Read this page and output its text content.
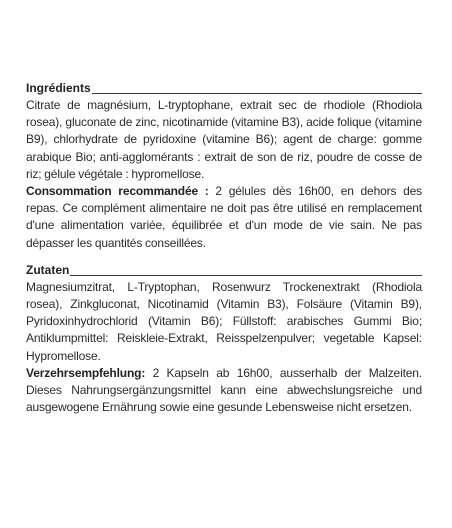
Ingrédients

Citrate de magnésium, L-tryptophane, extrait sec de rhodiole (Rhodiola rosea), gluconate de zinc, nicotinamide (vitamine B3), acide folique (vitamine B9), chlorhydrate de pyridoxine (vitamine B6); agent de charge: gomme arabique Bio; anti-agglomérants : extrait de son de riz, poudre de cosse de riz; gélule végétale : hypromellose.

Consommation recommandée : 2 gélules dès 16h00, en dehors des repas. Ce complément alimentaire ne doit pas être utilisé en remplacement d'une alimentation variée, équilibrée et d'un mode de vie sain. Ne pas dépasser les quantités conseillées.

Zutaten

Magnesiumzitrat, L-Tryptophan, Rosenwurz Trockenextrakt (Rhodiola rosea), Zinkgluconat, Nicotinamid (Vitamin B3), Folsäure (Vitamin B9), Pyridoxinhydrochlorid (Vitamin B6); Füllstoff: arabisches Gummi Bio; Antiklumpmittel: Reiskleie-Extrakt, Reisspelzenpulver; vegetable Kapsel: Hypromellose.

Verzehrsempfehlung: 2 Kapseln ab 16h00, ausserhalb der Malzeiten. Dieses Nahrungsergänzungsmittel kann eine abwechslungsreiche und ausgewogene Ernährung sowie eine gesunde Lebensweise nicht ersetzen.
